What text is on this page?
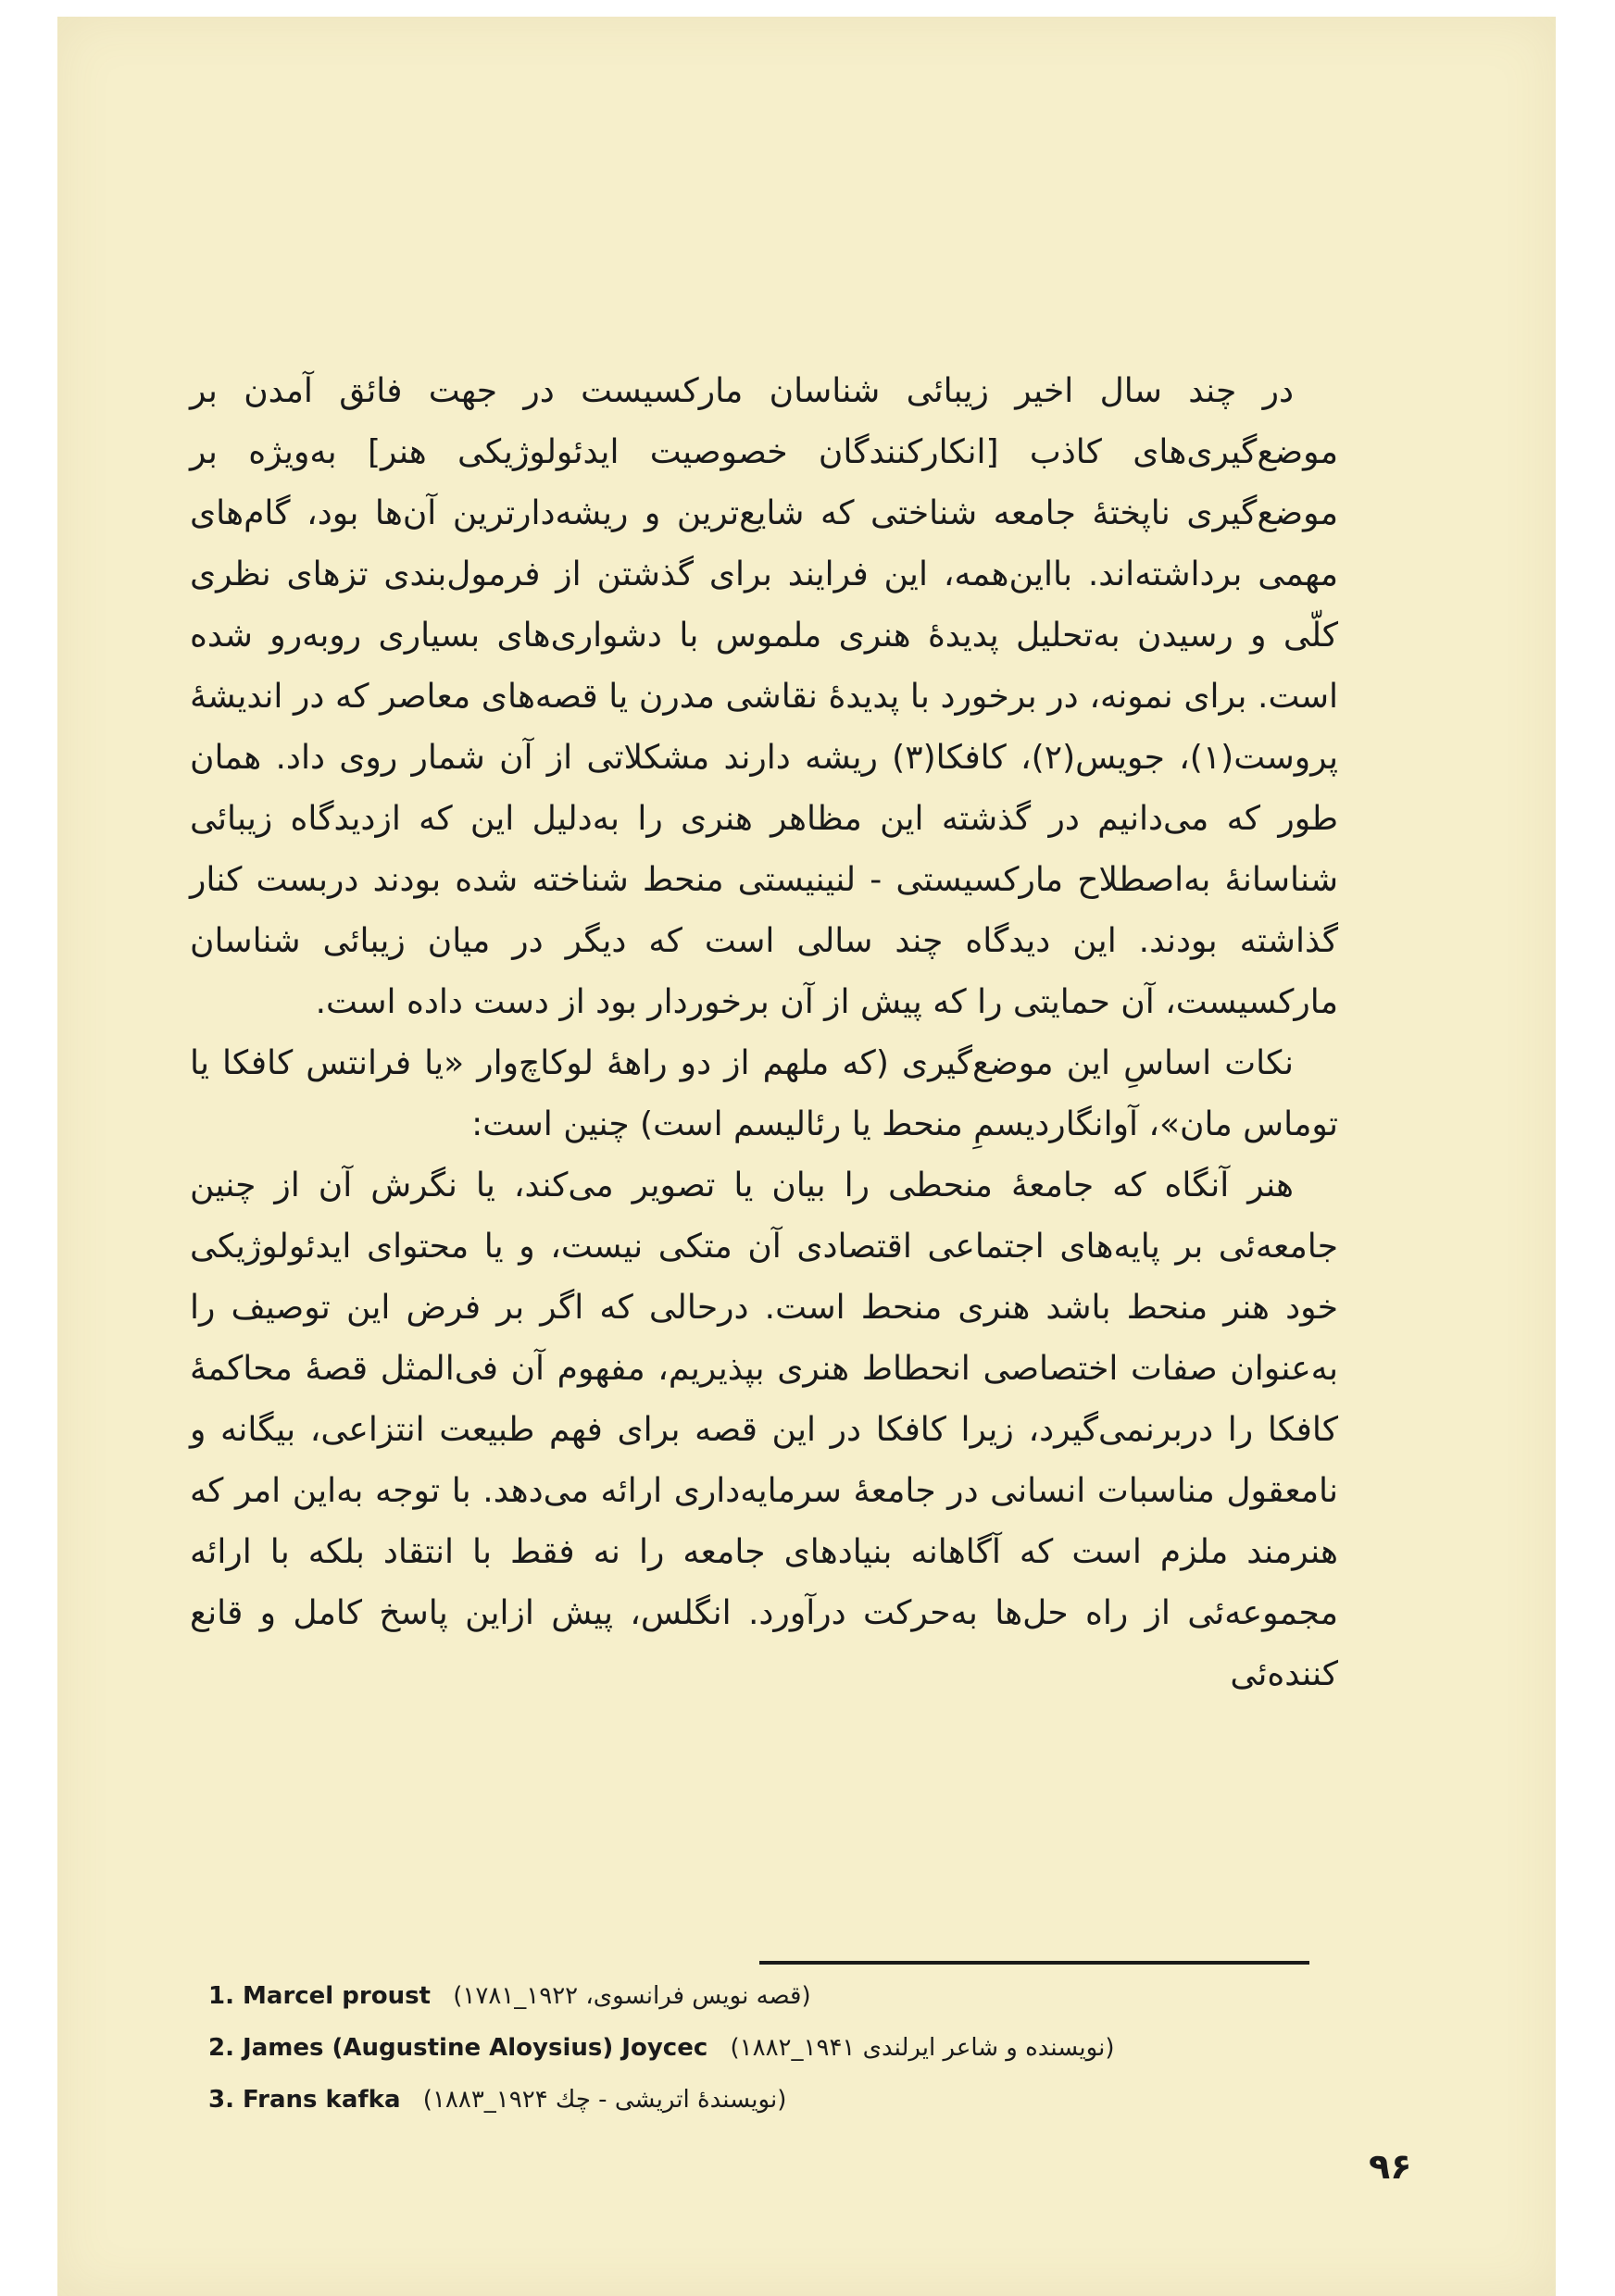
در چند سال اخیر زیبائی شناسان مارکسیست در جهت فائق آمدن بر موضع‌گیری‌های کاذب [انکارکنندگان خصوصیت ایدئولوژیکی هنر] به‌ویژه بر موضع‌گیری ناپختهٔ جامعه شناختی که شایع‌ترین و ریشه‌دارترین آن‌ها بود، گام‌های مهمی برداشته‌اند. بااین‌همه، این فرایند برای گذشتن از فرمول‌بندی تزهای نظری کلّی و رسیدن به‌تحلیل پدیدهٔ هنری ملموس با دشواری‌های بسیاری روبه‌رو شده است. برای نمونه، در برخورد با پدیدهٔ نقاشی مدرن یا قصه‌های معاصر که در اندیشهٔ پروست(۱)، جویس(۲)، کافکا(۳) ریشه دارند مشکلاتی از آن شمار روی داد. همان طور که می‌دانیم در گذشته این مظاهر هنری را به‌دلیل این که ازدیدگاه زیبائی شناسانهٔ به‌اصطلاح مارکسیستی - لنینیستی منحط شناخته شده بودند دربست کنار گذاشته بودند. این دیدگاه چند سالی است که دیگر در میان زیبائی شناسان مارکسیست، آن حمایتی را که پیش از آن برخوردار بود از دست داده است.

نکات اساسِ این موضع‌گیری (که ملهم از دو راههٔ لوکاچ‌وار «یا فرانتس کافکا یا توماس مان»، آوانگاردیسمِ منحط یا رئالیسم است) چنین است:

هنر آنگاه که جامعهٔ منحطی را بیان یا تصویر می‌کند، یا نگرش آن از چنین جامعه‌ئی بر پایه‌های اجتماعی اقتصادی آن متکی نیست، و یا محتوای ایدئولوژیکی خود هنر منحط باشد هنری منحط است. درحالی که اگر بر فرض این توصیف را به‌عنوان صفات اختصاصی انحطاط هنری بپذیریم، مفهوم آن فی‌المثل قصهٔ محاکمهٔ کافکا را دربرنمی‌گیرد، زیرا کافکا در این قصه برای فهم طبیعت انتزاعی، بیگانه و نامعقول مناسبات انسانی در جامعهٔ سرمایه‌داری ارائه می‌دهد. با توجه به‌این امر که هنرمند ملزم است که آگاهانه بنیادهای جامعه را نه فقط با انتقاد بلکه با ارائه مجموعه‌ئی از راه حل‌ها به‌حرکت درآورد. انگلس، پیش ازاین پاسخ کامل و قانع کننده‌ئی

1. Marcel proust (قصه نویس فرانسوی، ۱۹۲۲_۱۷۸۱)
2. James (Augustine Aloysius) Joycec (نویسنده و شاعر ایرلندی ۱۹۴۱_۱۸۸۲)
3. Frans kafka (نویسندهٔ اتریشی - چك ۱۹۲۴_۱۸۸۳)
۹۶
